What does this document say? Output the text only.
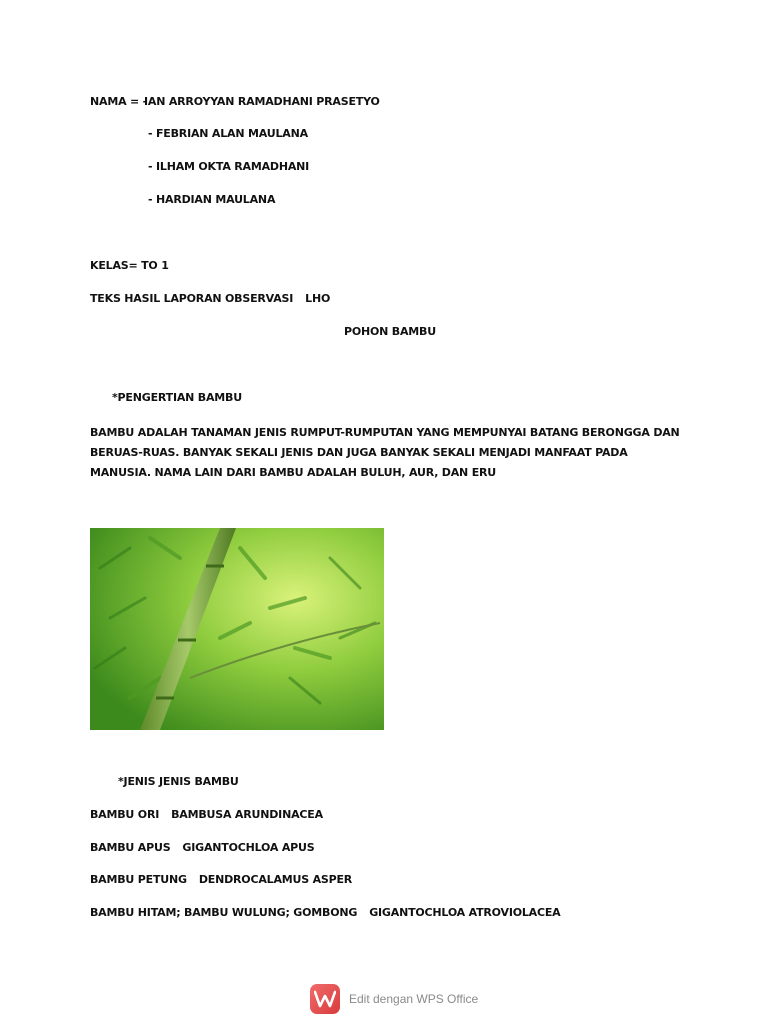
NAMA = -
IAN ARROYYAN RAMADHANI PRASETYO
- FEBRIAN ALAN MAULANA
- ILHAM OKTA RAMADHANI
- HARDIAN MAULANA
KELAS= TO 1
TEKS HASIL LAPORAN OBSERVASI LHO
POHON BAMBU
*PENGERTIAN BAMBU
BAMBU ADALAH TANAMAN JENIS RUMPUT-RUMPUTAN YANG MEMPUNYAI BATANG BERONGGA DAN BERUAS-RUAS. BANYAK SEKALI JENIS DAN JUGA BANYAK SEKALI MENJADI MANFAAT PADA MANUSIA. NAMA LAIN DARI BAMBU ADALAH BULUH, AUR, DAN ERU
*JENIS JENIS BAMBU
BAMBU ORI BAMBUSA ARUNDINACEA
BAMBU APUS GIGANTOCHLOA APUS
BAMBU PETUNG DENDROCALAMUS ASPER
BAMBU HITAM; BAMBU WULUNG; GOMBONG GIGANTOCHLOA ATROVIOLACEA
Edit dengan WPS Office
